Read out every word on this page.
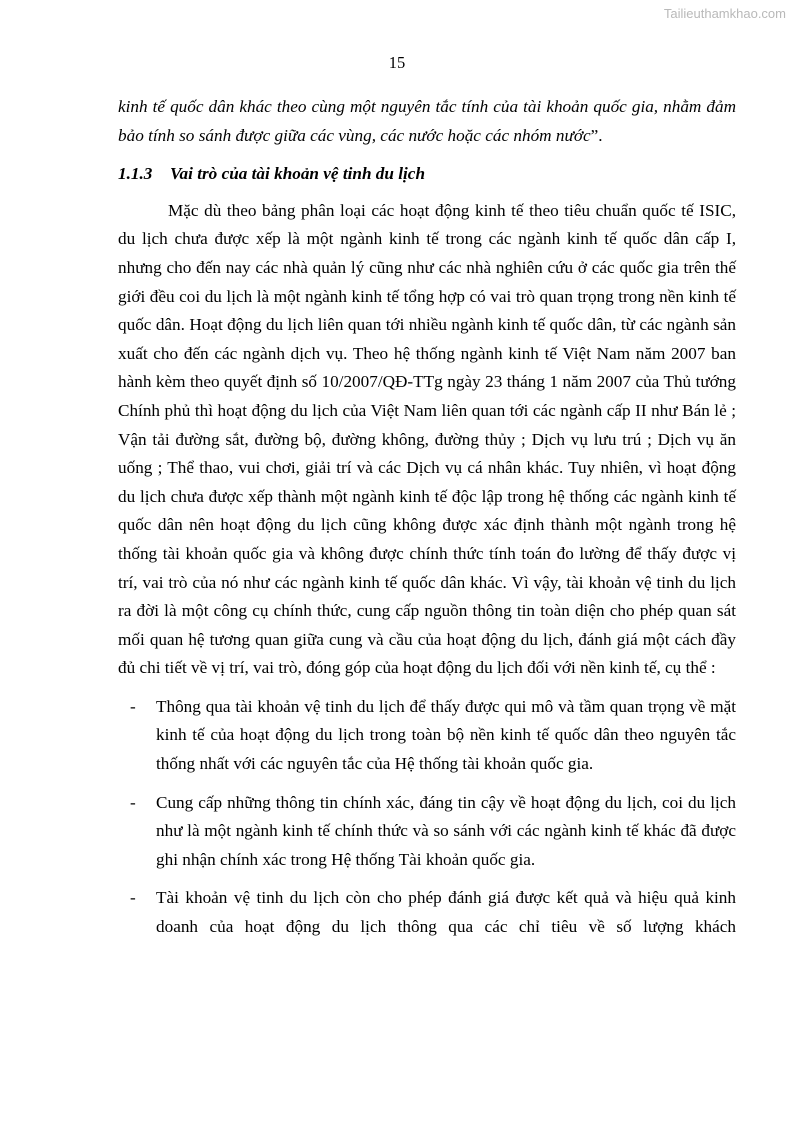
Tailieuthamkhao.com
15

kinh tế quốc dân khác theo cùng một nguyên tắc tính của tài khoản quốc gia, nhằm đảm bảo tính so sánh được giữa các vùng, các nước hoặc các nhóm nước”.

1.1.3 Vai trò của tài khoản vệ tinh du lịch

Mặc dù theo bảng phân loại các hoạt động kinh tế theo tiêu chuẩn quốc tế ISIC, du lịch chưa được xếp là một ngành kinh tế trong các ngành kinh tế quốc dân cấp I, nhưng cho đến nay các nhà quản lý cũng như các nhà nghiên cứu ở các quốc gia trên thế giới đều coi du lịch là một ngành kinh tế tổng hợp có vai trò quan trọng trong nền kinh tế quốc dân. Hoạt động du lịch liên quan tới nhiều ngành kinh tế quốc dân, từ các ngành sản xuất cho đến các ngành dịch vụ. Theo hệ thống ngành kinh tế Việt Nam năm 2007 ban hành kèm theo quyết định số 10/2007/QĐ-TTg ngày 23 tháng 1 năm 2007 của Thủ tướng Chính phủ thì hoạt động du lịch của Việt Nam liên quan tới các ngành cấp II như Bán lẻ ; Vận tải đường sắt, đường bộ, đường không, đường thủy ; Dịch vụ lưu trú ; Dịch vụ ăn uống ; Thể thao, vui chơi, giải trí và các Dịch vụ cá nhân khác. Tuy nhiên, vì hoạt động du lịch chưa được xếp thành một ngành kinh tế độc lập trong hệ thống các ngành kinh tế quốc dân nên hoạt động du lịch cũng không được xác định thành một ngành trong hệ thống tài khoản quốc gia và không được chính thức tính toán đo lường để thấy được vị trí, vai trò của nó như các ngành kinh tế quốc dân khác. Vì vậy, tài khoản vệ tinh du lịch ra đời là một công cụ chính thức, cung cấp nguồn thông tin toàn diện cho phép quan sát mối quan hệ tương quan giữa cung và cầu của hoạt động du lịch, đánh giá một cách đầy đủ chi tiết về vị trí, vai trò, đóng góp của hoạt động du lịch đối với nền kinh tế, cụ thể :

- Thông qua tài khoản vệ tinh du lịch để thấy được qui mô và tầm quan trọng về mặt kinh tế của hoạt động du lịch trong toàn bộ nền kinh tế quốc dân theo nguyên tắc thống nhất với các nguyên tắc của Hệ thống tài khoản quốc gia.
- Cung cấp những thông tin chính xác, đáng tin cậy về hoạt động du lịch, coi du lịch như là một ngành kinh tế chính thức và so sánh với các ngành kinh tế khác đã được ghi nhận chính xác trong Hệ thống Tài khoản quốc gia.
- Tài khoản vệ tinh du lịch còn cho phép đánh giá được kết quả và hiệu quả kinh doanh của hoạt động du lịch thông qua các chỉ tiêu về số lượng khách
